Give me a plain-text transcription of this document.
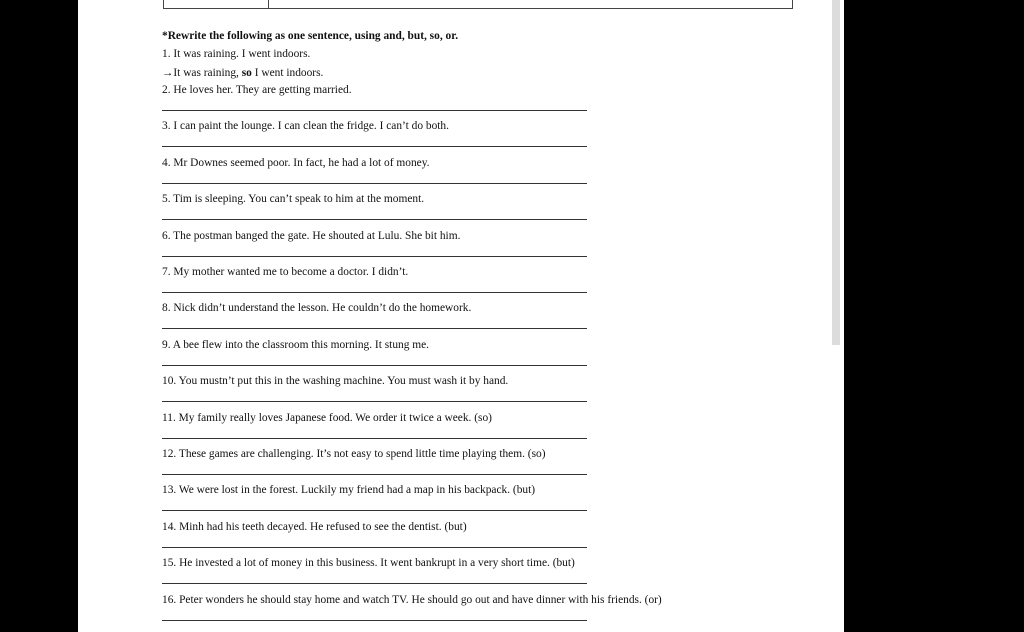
*Rewrite the following as one sentence, using and, but, so, or.
1. It was raining. I went indoors.
→It was raining, so I went indoors.
2. He loves her. They are getting married.
3. I can paint the lounge. I can clean the fridge. I can’t do both.
4. Mr Downes seemed poor. In fact, he had a lot of money.
5. Tim is sleeping. You can’t speak to him at the moment.
6. The postman banged the gate. He shouted at Lulu. She bit him.
7. My mother wanted me to become a doctor. I didn’t.
8. Nick didn’t understand the lesson. He couldn’t do the homework.
9. A bee flew into the classroom this morning. It stung me.
10. You mustn’t put this in the washing machine. You must wash it by hand.
11. My family really loves Japanese food. We order it twice a week. (so)
12. These games are challenging. It’s not easy to spend little time playing them. (so)
13. We were lost in the forest. Luckily my friend had a map in his backpack. (but)
14. Minh had his teeth decayed. He refused to see the dentist. (but)
15. He invested a lot of money in this business. It went bankrupt in a very short time. (but)
16. Peter wonders he should stay home and watch TV. He should go out and have dinner with his friends. (or)
